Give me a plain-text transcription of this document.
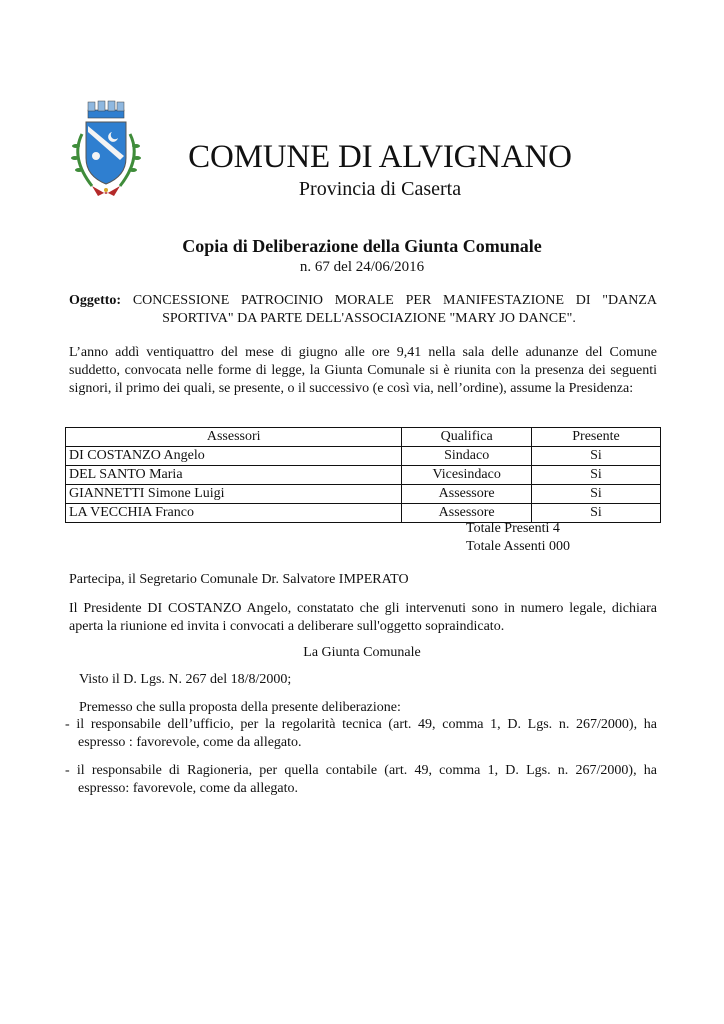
COMUNE DI ALVIGNANO
Provincia di Caserta
Copia di Deliberazione della Giunta Comunale
n. 67 del 24/06/2016
Oggetto: CONCESSIONE PATROCINIO MORALE PER MANIFESTAZIONE DI "DANZA
SPORTIVA" DA PARTE DELL'ASSOCIAZIONE "MARY JO DANCE".
L’anno addì ventiquattro del mese di giugno alle ore 9,41 nella sala delle adunanze del Comune suddetto, convocata nelle forme di legge, la Giunta Comunale si è riunita con la presenza dei seguenti signori, il primo dei quali, se presente, o il successivo (e così via, nell’ordine), assume la Presidenza:
Assessori	Qualifica	Presente
DI COSTANZO Angelo	Sindaco	Si
DEL SANTO Maria	Vicesindaco	Si
GIANNETTI Simone Luigi	Assessore	Si
LA VECCHIA Franco	Assessore	Si
Totale Presenti 4
Totale Assenti 000
Partecipa, il Segretario Comunale Dr. Salvatore IMPERATO
Il Presidente DI COSTANZO Angelo, constatato che gli intervenuti sono in numero legale, dichiara aperta la riunione ed invita i convocati a deliberare sull'oggetto sopraindicato.
La Giunta Comunale
Visto il D. Lgs. N. 267 del 18/8/2000;
Premesso che sulla proposta della presente deliberazione:
- il responsabile dell’ufficio, per la regolarità tecnica (art. 49, comma 1, D. Lgs. n. 267/2000), ha
espresso : favorevole, come da allegato.
- il responsabile di Ragioneria, per quella contabile (art. 49, comma 1, D. Lgs. n. 267/2000), ha
espresso: favorevole, come da allegato.
